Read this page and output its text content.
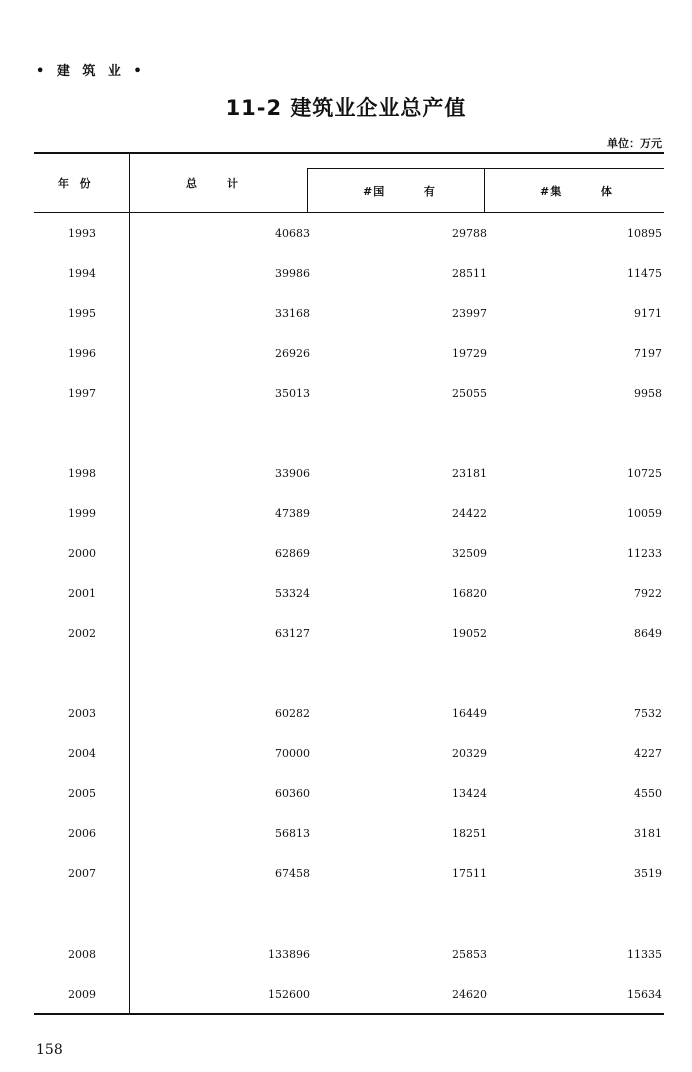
• 建 筑 业 •
11-2 建筑业企业总产值
单位：万元
年  份	总      计
#国        有	#集        体
1993	40683	29788	10895
1994	39986	28511	11475
1995	33168	23997	9171
1996	26926	19729	7197
1997	35013	25055	9958
1998	33906	23181	10725
1999	47389	24422	10059
2000	62869	32509	11233
2001	53324	16820	7922
2002	63127	19052	8649
2003	60282	16449	7532
2004	70000	20329	4227
2005	60360	13424	4550
2006	56813	18251	3181
2007	67458	17511	3519
2008	133896	25853	11335
2009	152600	24620	15634
158
